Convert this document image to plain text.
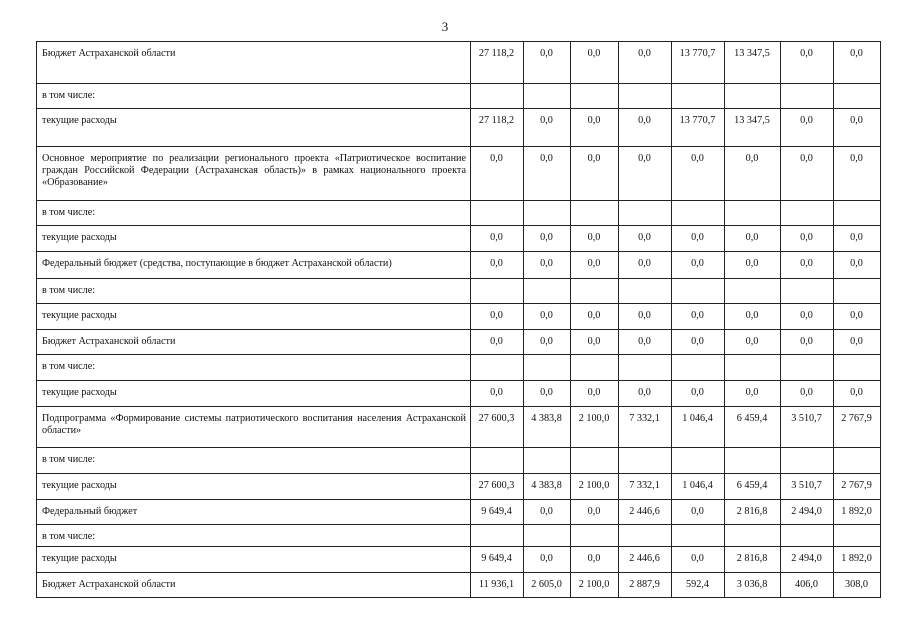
3
Бюджет Астраханской области	27 118,2	0,0	0,0	0,0	13 770,7	13 347,5	0,0	0,0
в том числе:								
текущие расходы	27 118,2	0,0	0,0	0,0	13 770,7	13 347,5	0,0	0,0
Основное мероприятие по реализации регионального проекта «Патриотическое воспитание граждан Российской Федерации (Астраханская область)» в рамках национального проекта «Образование»	0,0	0,0	0,0	0,0	0,0	0,0	0,0	0,0
в том числе:								
текущие расходы	0,0	0,0	0,0	0,0	0,0	0,0	0,0	0,0
Федеральный бюджет (средства, поступающие в бюджет Астраханской области)	0,0	0,0	0,0	0,0	0,0	0,0	0,0	0,0
в том числе:								
текущие расходы	0,0	0,0	0,0	0,0	0,0	0,0	0,0	0,0
Бюджет Астраханской области	0,0	0,0	0,0	0,0	0,0	0,0	0,0	0,0
в том числе:								
текущие расходы	0,0	0,0	0,0	0,0	0,0	0,0	0,0	0,0
Подпрограмма «Формирование системы патриотического воспитания населения Астраханской области»	27 600,3	4 383,8	2 100,0	7 332,1	1 046,4	6 459,4	3 510,7	2 767,9
в том числе:								
текущие расходы	27 600,3	4 383,8	2 100,0	7 332,1	1 046,4	6 459,4	3 510,7	2 767,9
Федеральный бюджет	9 649,4	0,0	0,0	2 446,6	0,0	2 816,8	2 494,0	1 892,0
в том числе:								
текущие расходы	9 649,4	0,0	0,0	2 446,6	0,0	2 816,8	2 494,0	1 892,0
Бюджет Астраханской области	11 936,1	2 605,0	2 100,0	2 887,9	592,4	3 036,8	406,0	308,0
